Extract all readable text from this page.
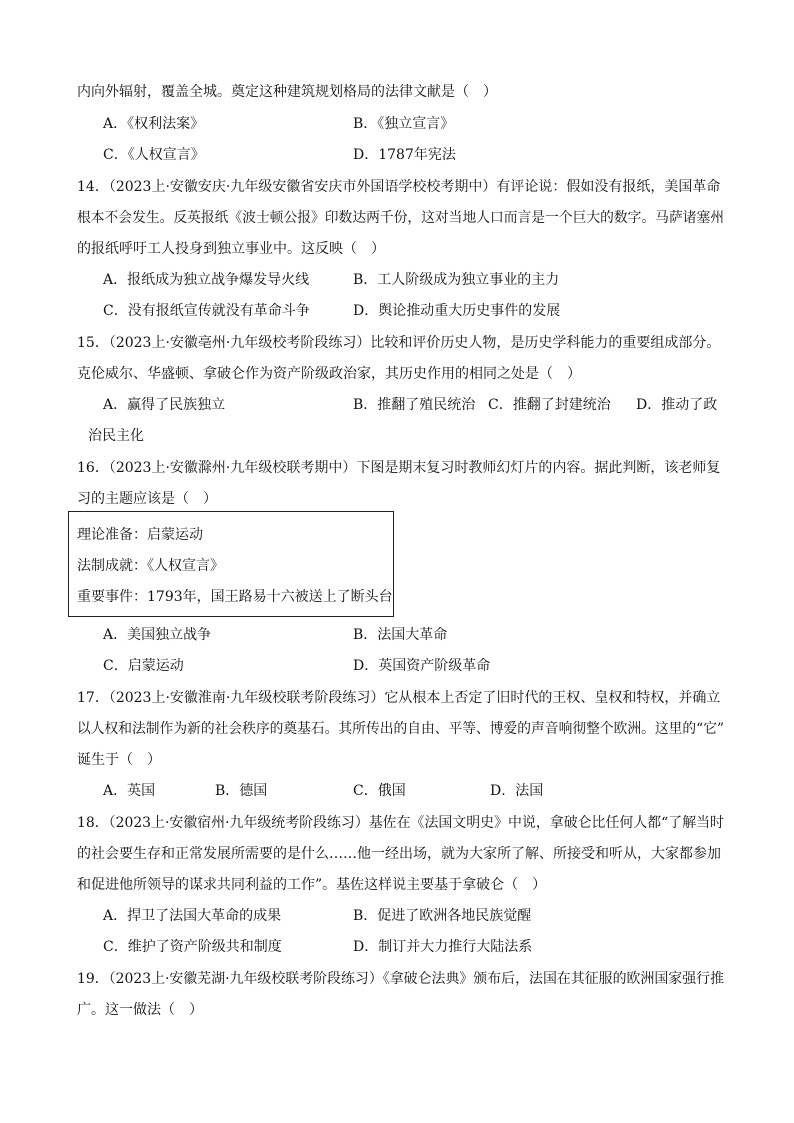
内向外辐射，覆盖全城。奠定这种建筑规划格局的法律文献是（　）
A．《权利法案》	B．《独立宣言》
C．《人权宣言》	D．1787年宪法
14．（2023上·安徽安庆·九年级安徽省安庆市外国语学校校考期中）有评论说：假如没有报纸，美国革命
根本不会发生。反英报纸《波士顿公报》印数达两千份，这对当地人口而言是一个巨大的数字。马萨诸塞州
的报纸呼吁工人投身到独立事业中。这反映（　）
A．报纸成为独立战争爆发导火线	B．工人阶级成为独立事业的主力
C．没有报纸宣传就没有革命斗争	D．舆论推动重大历史事件的发展
15．（2023上·安徽亳州·九年级校考阶段练习）比较和评价历史人物，是历史学科能力的重要组成部分。
克伦威尔、华盛顿、拿破仑作为资产阶级政治家，其历史作用的相同之处是（　）
A．赢得了民族独立	B．推翻了殖民统治 C．推翻了封建统治 D．推动了政
治民主化
16．（2023上·安徽滁州·九年级校联考期中）下图是期末复习时教师幻灯片的内容。据此判断，该老师复
习的主题应该是（　）
理论准备：启蒙运动
法制成就：《人权宣言》
重要事件：1793年，国王路易十六被送上了断头台
A．美国独立战争	B．法国大革命
C．启蒙运动	D．英国资产阶级革命
17．（2023上·安徽淮南·九年级校联考阶段练习）它从根本上否定了旧时代的王权、皇权和特权，并确立
以人权和法制作为新的社会秩序的奠基石。其所传出的自由、平等、博爱的声音响彻整个欧洲。这里的“它”
诞生于（　）
A．英国	B．德国	C．俄国	D．法国
18．（2023上·安徽宿州·九年级统考阶段练习）基佐在《法国文明史》中说，拿破仑比任何人都“了解当时
的社会要生存和正常发展所需要的是什么……他一经出场，就为大家所了解、所接受和听从，大家都参加
和促进他所领导的谋求共同利益的工作”。基佐这样说主要基于拿破仑（　）
A．捍卫了法国大革命的成果	B．促进了欧洲各地民族觉醒
C．维护了资产阶级共和制度	D．制订并大力推行大陆法系
19．（2023上·安徽芜湖·九年级校联考阶段练习）《拿破仑法典》颁布后，法国在其征服的欧洲国家强行推
广。这一做法（　）
